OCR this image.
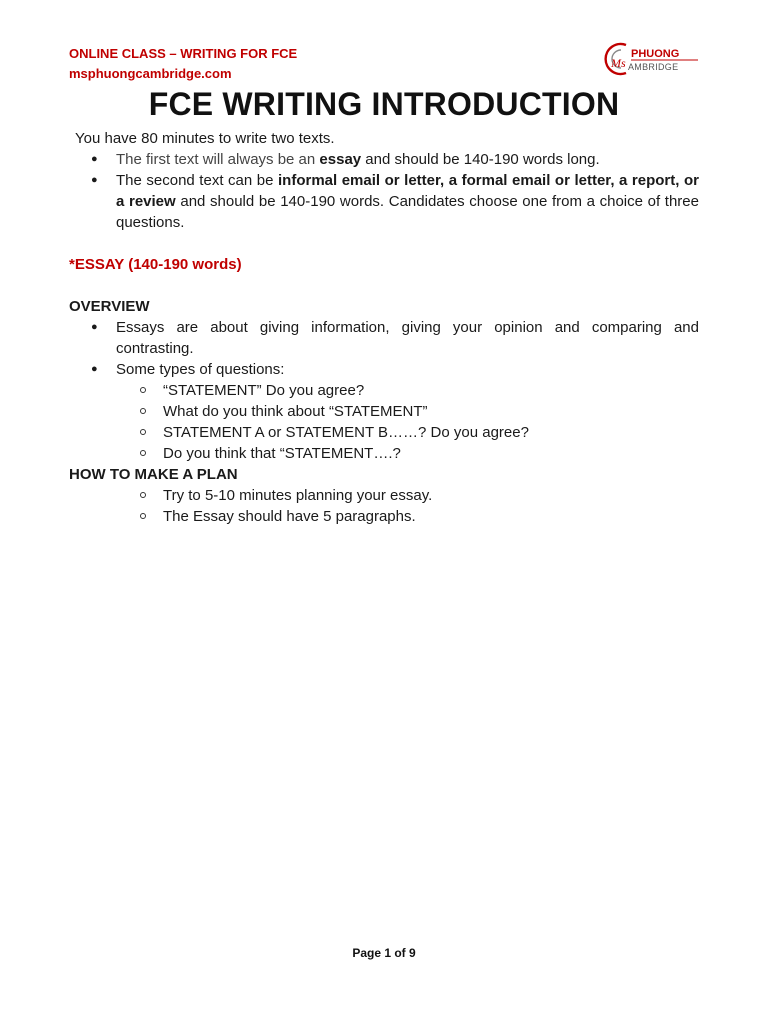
ONLINE CLASS – WRITING FOR FCE
msphuongcambridge.com
Ms
PHUONG
AMBRIDGE
FCE WRITING INTRODUCTION

You have 80 minutes to write two texts.

● The first text will always be an essay and should be 140-190 words long.
● The second text can be informal email or letter, a formal email or letter, a report, or a review and should be 140-190 words. Candidates choose one from a choice of three questions.
*ESSAY (140-190 words)
OVERVIEW
● Essays are about giving information, giving your opinion and comparing and contrasting.
● Some types of questions:
“STATEMENT” Do you agree?
What do you think about “STATEMENT”
STATEMENT A or STATEMENT B……? Do you agree?
Do you think that “STATEMENT….?
HOW TO MAKE A PLAN
Try to 5-10 minutes planning your essay.
The Essay should have 5 paragraphs.
Page 1 of 9
